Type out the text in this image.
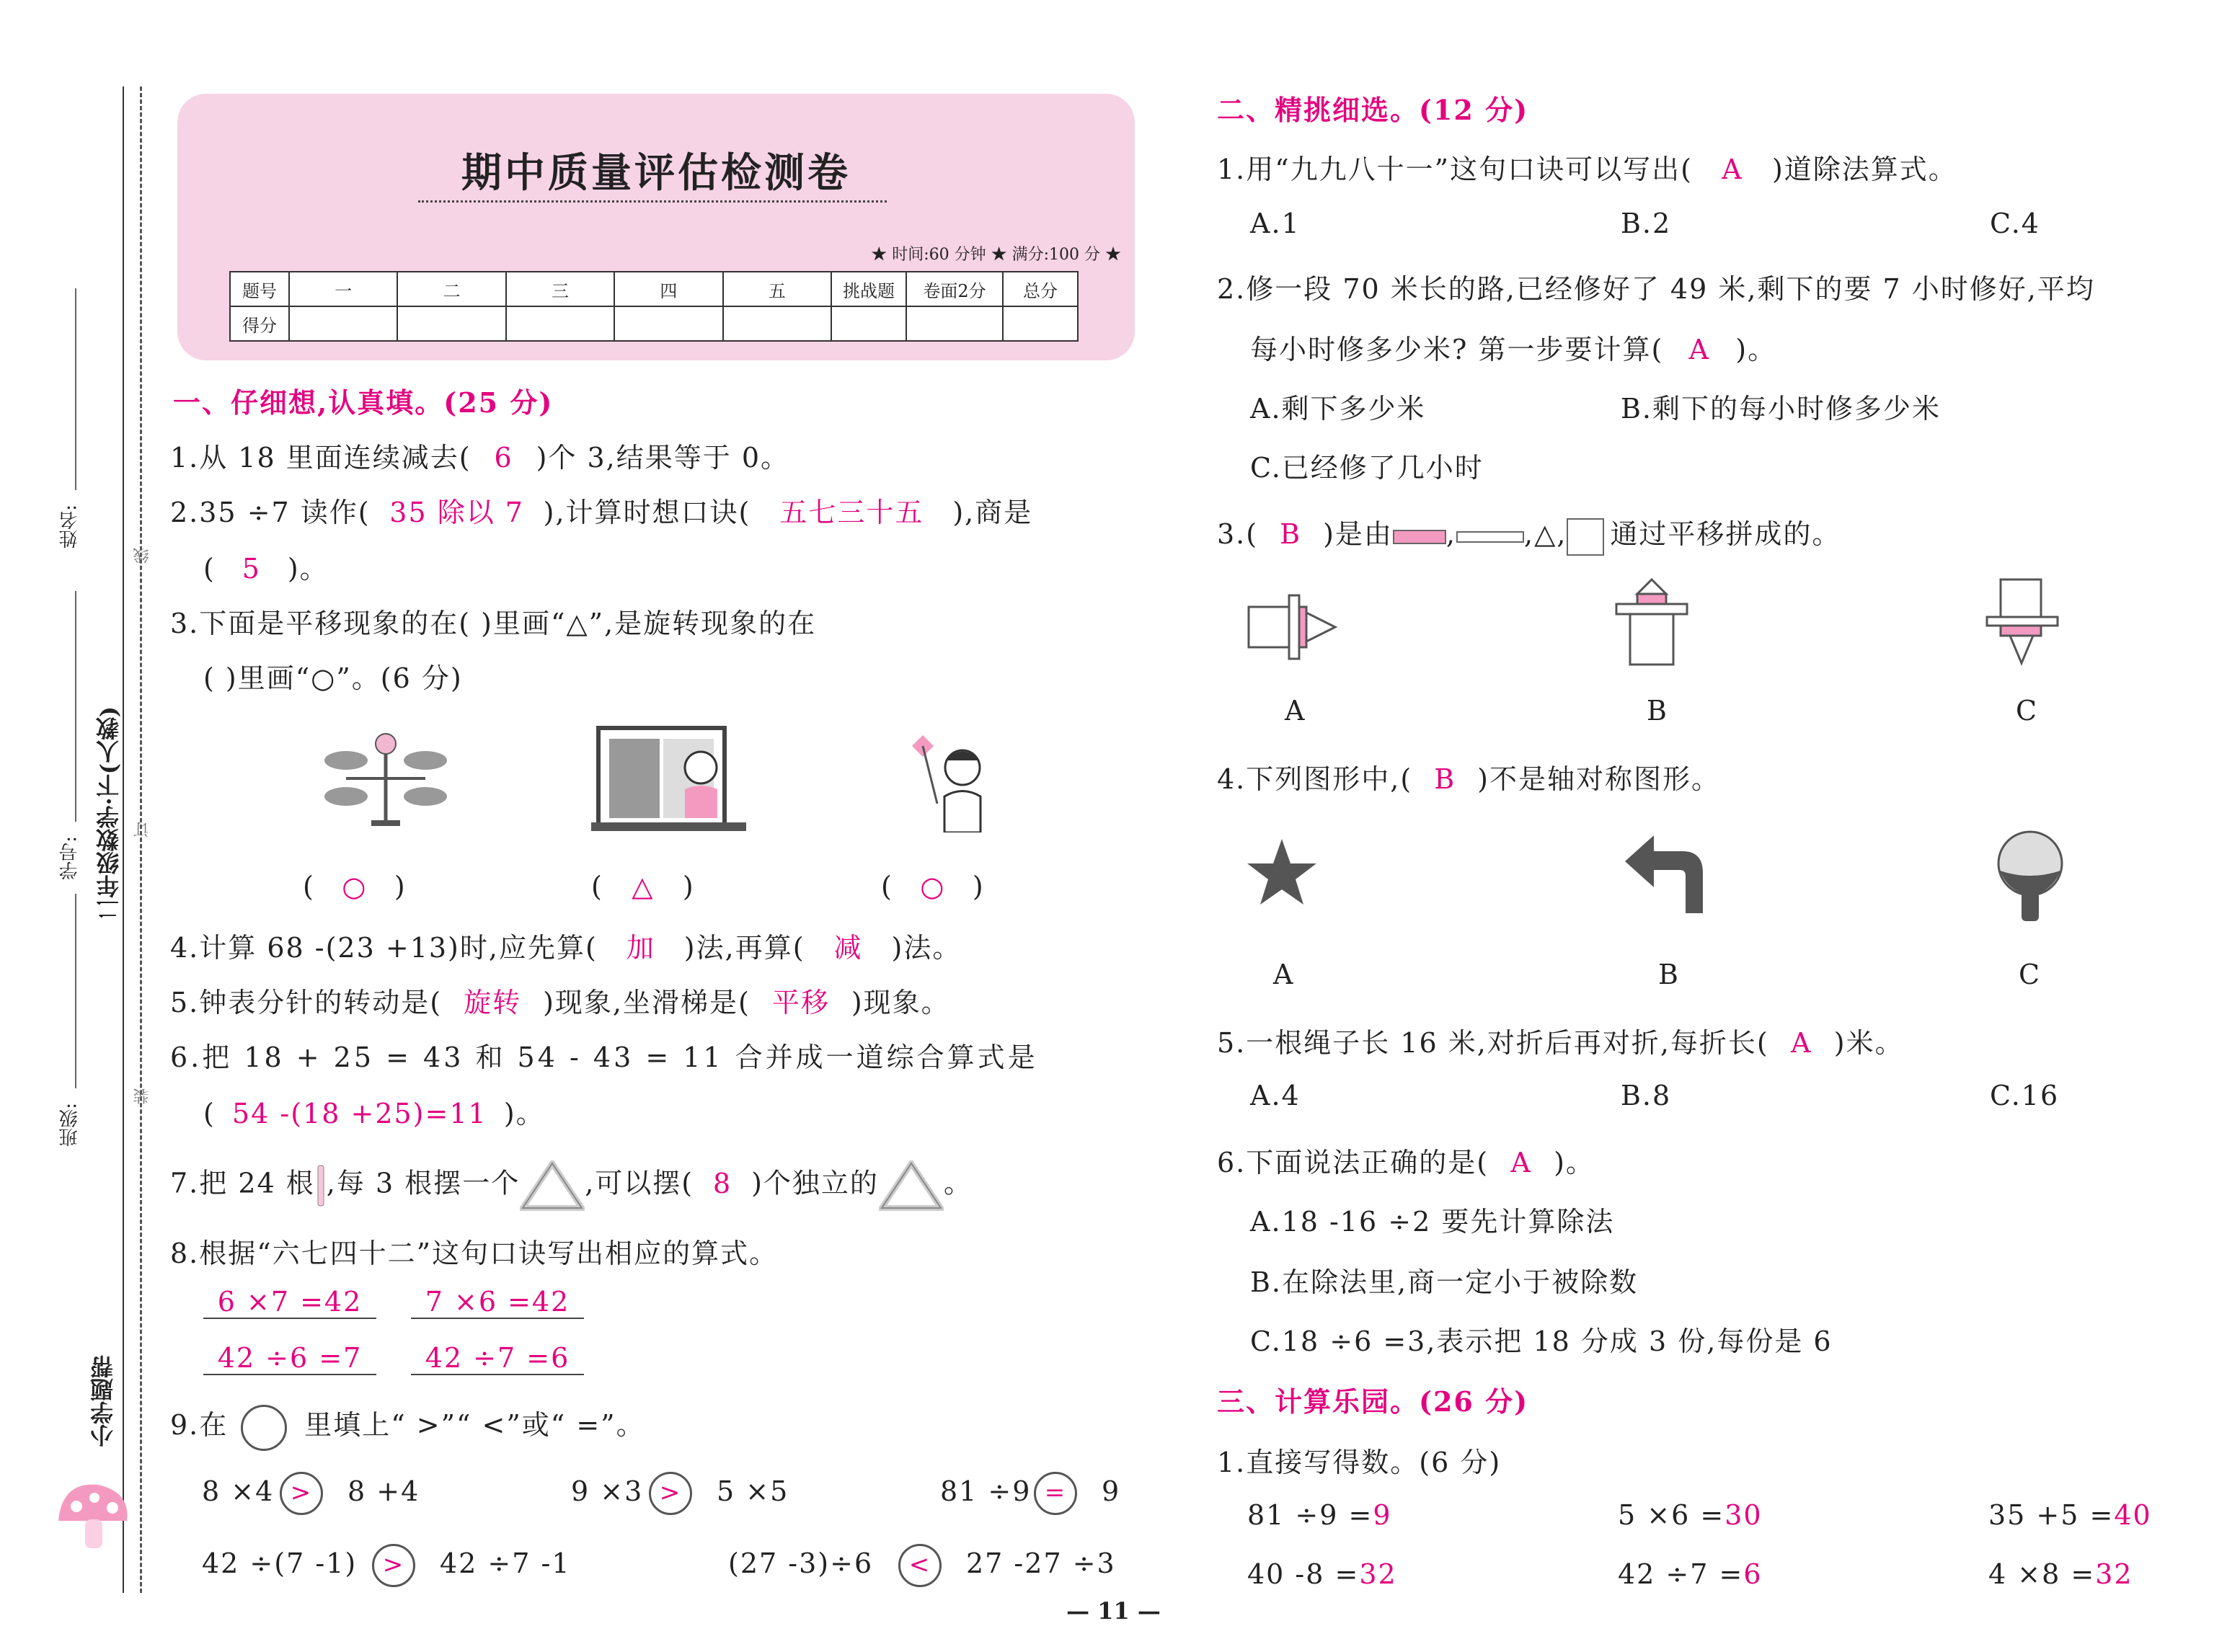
姓名:
学号:
班级:
二年级数学·下(人教)
线
订
装
小学题帮
期中质量评估检测卷
★ 时间:60 分钟 ★ 满分:100 分 ★
题号	一	二	三	四	五	挑战题	卷面2分	总分
得分								
一、仔细想,认真填。(25 分)
1.从 18 里面连续减去( 6 )个 3,结果等于 0。
2.35 ÷7 读作( 35 除以 7 ),计算时想口诀( 五七三十五 ),商是
( 5 )。
3.下面是平移现象的在( )里画“△”,是旋转现象的在
( )里画“○”。(6 分)
( ○ )	( △ )	( ○ )
4.计算 68 -(23 +13)时,应先算( 加 )法,再算( 减 )法。
5.钟表分针的转动是( 旋转 )现象,坐滑梯是( 平移 )现象。
6.把 18 + 25 = 43 和 54 - 43 = 11 合并成一道综合算式是
( 54 -(18 +25)=11 )。
7.把 24 根 ,每 3 根摆一个 ,可以摆( 8 )个独立的 。
8.根据“六七四十二”这句口诀写出相应的算式。
6 ×7 =42	7 ×6 =42
42 ÷6 =7	42 ÷7 =6
9.在	里填上“ >”“ <”或“ =”。
8 ×4 > 8 +4	9 ×3 > 5 ×5	81 ÷9 = 9
42 ÷(7 -1) > 42 ÷7 -1	(27 -3)÷6 < 27 -27 ÷3
二、精挑细选。(12 分)
1.用“九九八十一”这句口诀可以写出( A )道除法算式。
A.1	B.2	C.4
2.修一段 70 米长的路,已经修好了 49 米,剩下的要 7 小时修好,平均
每小时修多少米? 第一步要计算( A )。
A.剩下多少米	B.剩下的每小时修多少米
C.已经修了几小时
3.( B )是由 , ,△, 通过平移拼成的。
A	B	C
4.下列图形中,( B )不是轴对称图形。
A	B	C
5.一根绳子长 16 米,对折后再对折,每折长( A )米。
A.4	B.8	C.16
6.下面说法正确的是( A )。
A.18 -16 ÷2 要先计算除法
B.在除法里,商一定小于被除数
C.18 ÷6 =3,表示把 18 分成 3 份,每份是 6
三、计算乐园。(26 分)
1.直接写得数。(6 分)
81 ÷9 =9	5 ×6 =30	35 +5 =40
40 -8 =32	42 ÷7 =6	4 ×8 =32
— 11 —
